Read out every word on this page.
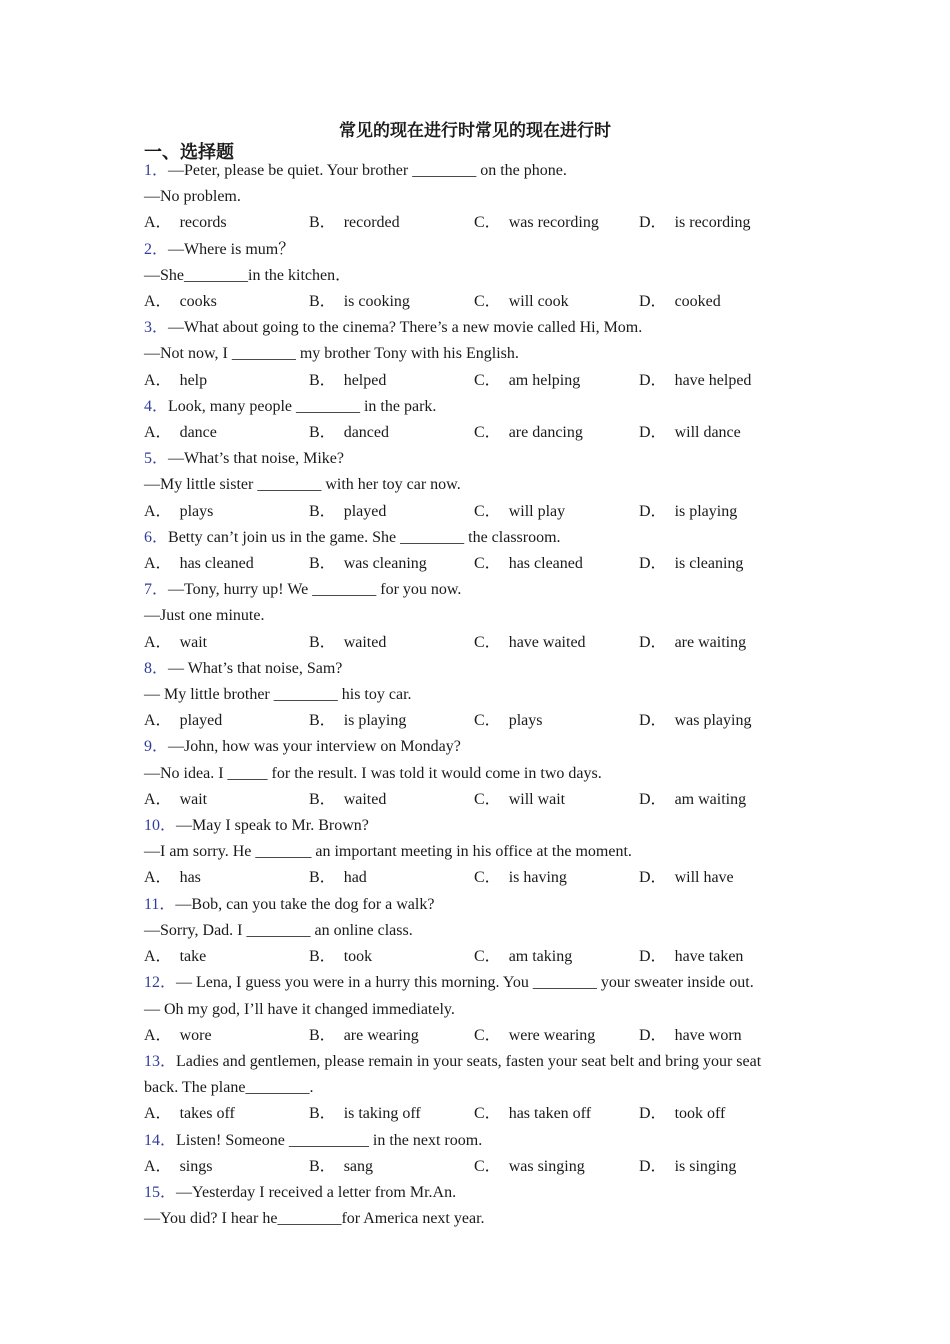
常见的现在进行时常见的现在进行时
一、选择题
1．—Peter, please be quiet. Your brother ________ on the phone.
—No problem.
A． records	B． recorded	C． was recording	D． is recording
2．—Where is mum？
—She________in the kitchen．
A． cooks	B． is cooking	C． will cook	D． cooked
3．—What about going to the cinema? There’s a new movie called Hi, Mom.
—Not now, I ________ my brother Tony with his English.
A． help	B． helped	C． am helping	D． have helped
4．Look, many people ________ in the park.
A． dance	B． danced	C． are dancing	D． will dance
5．—What’s that noise, Mike?
—My little sister ________ with her toy car now.
A． plays	B． played	C． will play	D． is playing
6．Betty can’t join us in the game. She ________ the classroom.
A． has cleaned	B． was cleaning	C． has cleaned	D． is cleaning
7．—Tony, hurry up! We ________ for you now.
—Just one minute.
A． wait	B． waited	C． have waited	D． are waiting
8．— What’s that noise, Sam?
— My little brother ________ his toy car.
A． played	B． is playing	C． plays	D． was playing
9．—John, how was your interview on Monday?
—No idea. I _____ for the result. I was told it would come in two days.
A． wait	B． waited	C． will wait	D． am waiting
10．—May I speak to Mr. Brown?
—I am sorry. He _______ an important meeting in his office at the moment.
A． has	B． had	C． is having	D． will have
11．—Bob, can you take the dog for a walk?
—Sorry, Dad. I ________ an online class.
A． take	B． took	C． am taking	D． have taken
12．— Lena, I guess you were in a hurry this morning. You ________ your sweater inside out.
— Oh my god, I’ll have it changed immediately.
A． wore	B． are wearing	C． were wearing	D． have worn
13．Ladies and gentlemen, please remain in your seats, fasten your seat belt and bring your seat
back. The plane________.
A． takes off	B． is taking off	C． has taken off	D． took off
14．Listen! Someone __________ in the next room.
A． sings	B． sang	C． was singing	D． is singing
15．—Yesterday I received a letter from Mr.An.
—You did? I hear he________for America next year.
